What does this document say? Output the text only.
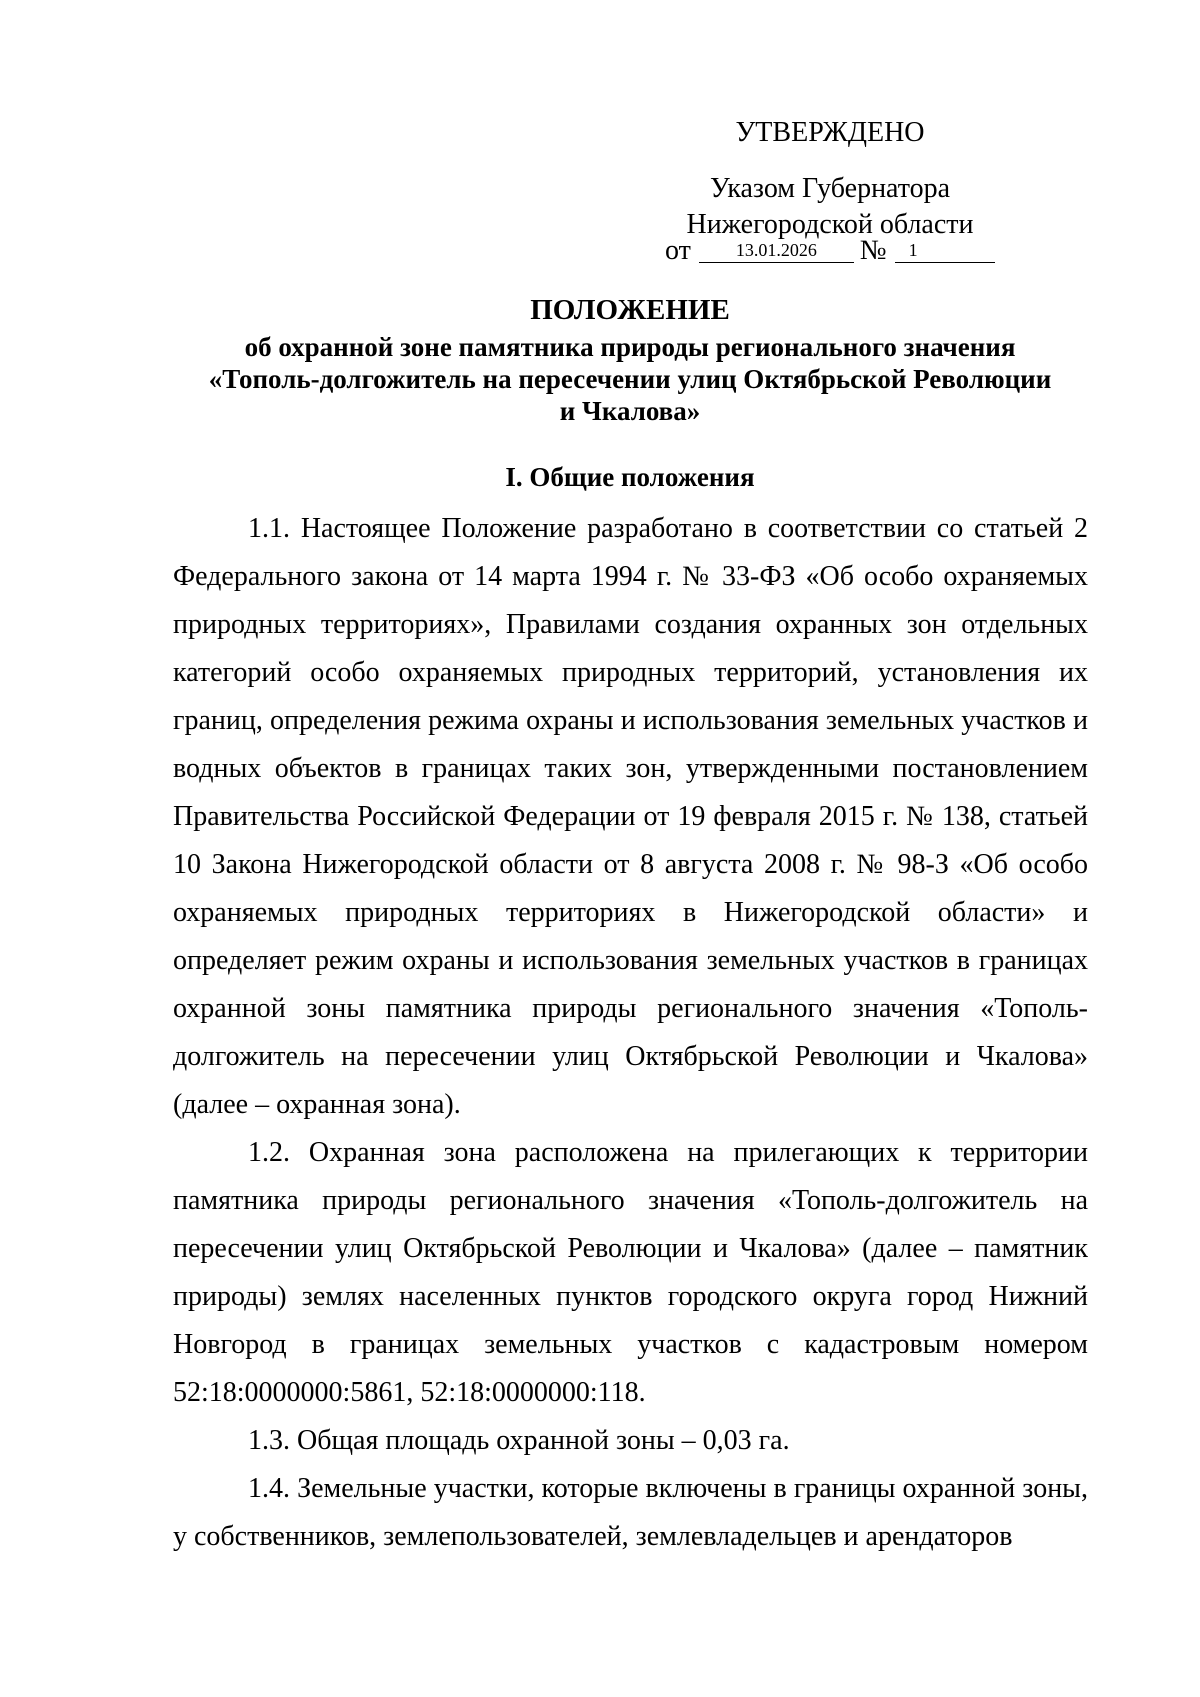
УТВЕРЖДЕНО
Указом Губернатора
Нижегородской области
от	13.01.2026	№	1
ПОЛОЖЕНИЕ
об охранной зоне памятника природы регионального значения
«Тополь-долгожитель на пересечении улиц Октябрьской Революции
и Чкалова»
I. Общие положения

1.1. Настоящее Положение разработано в соответствии со статьей 2 Федерального закона от 14 марта 1994 г. № 33-ФЗ «Об особо охраняемых природных территориях», Правилами создания охранных зон отдельных категорий особо охраняемых природных территорий, установления их границ, определения режима охраны и использования земельных участков и водных объектов в границах таких зон, утвержденными постановлением Правительства Российской Федерации от 19 февраля 2015 г. № 138, статьей 10 Закона Нижегородской области от 8 августа 2008 г. № 98-З «Об особо охраняемых природных территориях в Нижегородской области» и определяет режим охраны и использования земельных участков в границах охранной зоны памятника природы регионального значения «Тополь-долгожитель на пересечении улиц Октябрьской Революции и Чкалова» (далее – охранная зона).

1.2. Охранная зона расположена на прилегающих к территории памятника природы регионального значения «Тополь-долгожитель на пересечении улиц Октябрьской Революции и Чкалова» (далее – памятник природы) землях населенных пунктов городского округа город Нижний Новгород в границах земельных участков с кадастровым номером 52:18:0000000:5861, 52:18:0000000:118.

1.3. Общая площадь охранной зоны – 0,03 га.

1.4. Земельные участки, которые включены в границы охранной зоны, у собственников, землепользователей, землевладельцев и арендаторов
